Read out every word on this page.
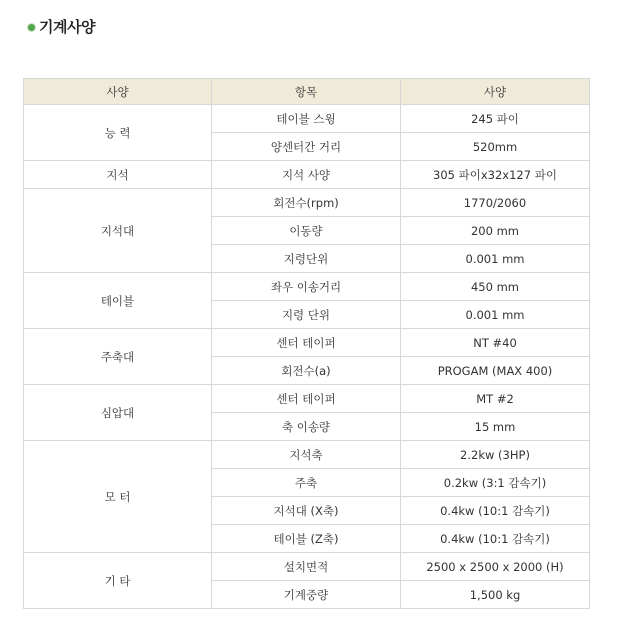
기계사양
사양	항목	사양
능 력	테이블 스윙	245 파이
	양센터간 거리	520mm
지석	지석 사양	305 파이x32x127 파이
지석대	회전수(rpm)	1770/2060
	이동량	200 mm
	지령단위	0.001 mm
테이블	좌우 이송거리	450 mm
	지령 단위	0.001 mm
주축대	센터 테이퍼	NT #40
	회전수(a)	PROGAM (MAX 400)
심압대	센터 테이퍼	MT #2
	축 이송량	15 mm
모 터	지석축	2.2kw (3HP)
	주축	0.2kw (3:1 감속기)
	지석대 (X축)	0.4kw (10:1 감속기)
	테이블 (Z축)	0.4kw (10:1 감속기)
기 타	설치면적	2500 x 2500 x 2000 (H)
	기계중량	1,500 kg
